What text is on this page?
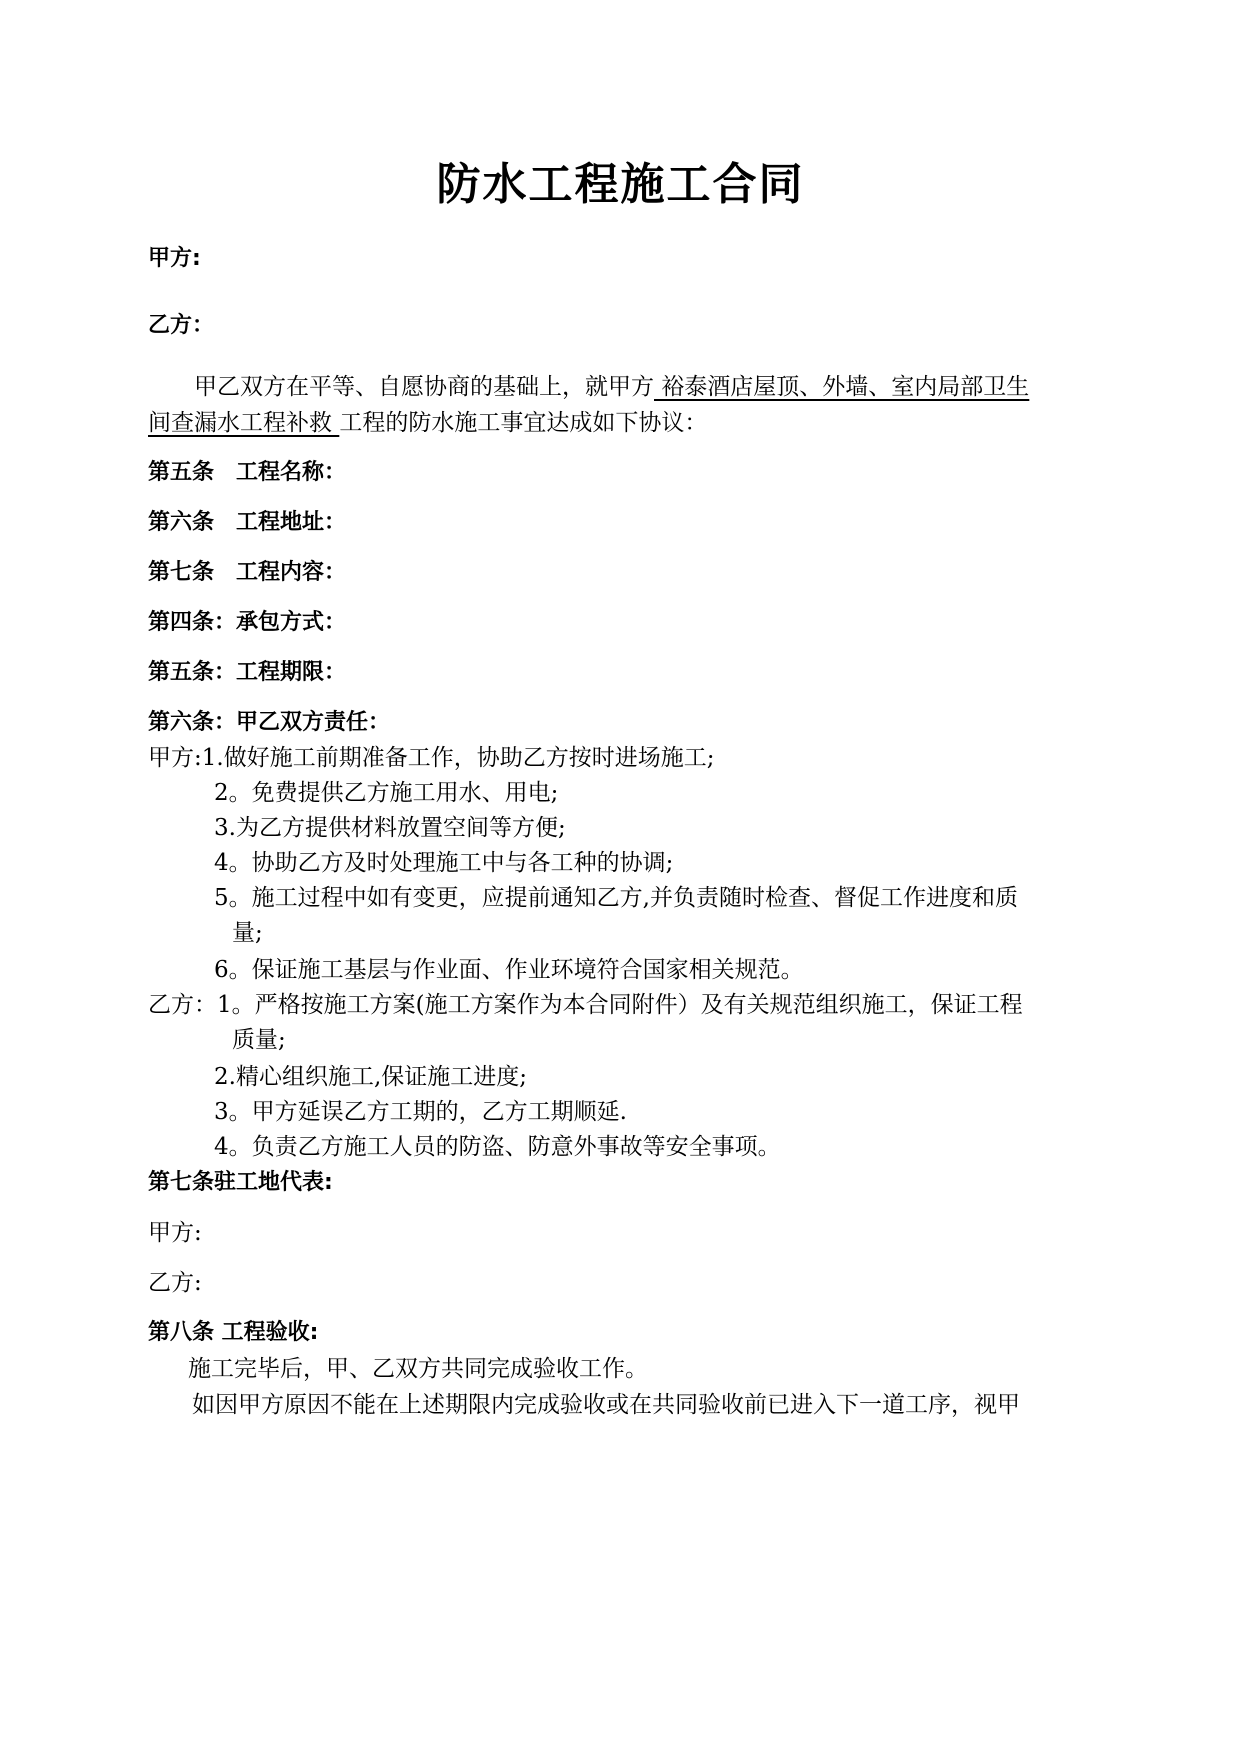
防水工程施工合同
甲方:
乙方：
甲乙双方在平等、自愿协商的基础上，就甲方 裕泰酒店屋顶、外墙、室内局部卫生
间查漏水工程补救 工程的防水施工事宜达成如下协议：
第五条　工程名称：
第六条　工程地址：
第七条　工程内容：
第四条：承包方式：
第五条：工程期限：
第六条：甲乙双方责任：
甲方:1.做好施工前期准备工作，协助乙方按时进场施工;
2。免费提供乙方施工用水、用电;
3.为乙方提供材料放置空间等方便;
4。协助乙方及时处理施工中与各工种的协调;
5。施工过程中如有变更，应提前通知乙方,并负责随时检查、督促工作进度和质
量;
6。保证施工基层与作业面、作业环境符合国家相关规范。
乙方：1。严格按施工方案(施工方案作为本合同附件）及有关规范组织施工，保证工程
质量;
2.精心组织施工,保证施工进度;
3。甲方延误乙方工期的，乙方工期顺延.
4。负责乙方施工人员的防盗、防意外事故等安全事项。
第七条驻工地代表:
甲方:
乙方:
第八条 工程验收:
施工完毕后，甲、乙双方共同完成验收工作。
如因甲方原因不能在上述期限内完成验收或在共同验收前已进入下一道工序，视甲
